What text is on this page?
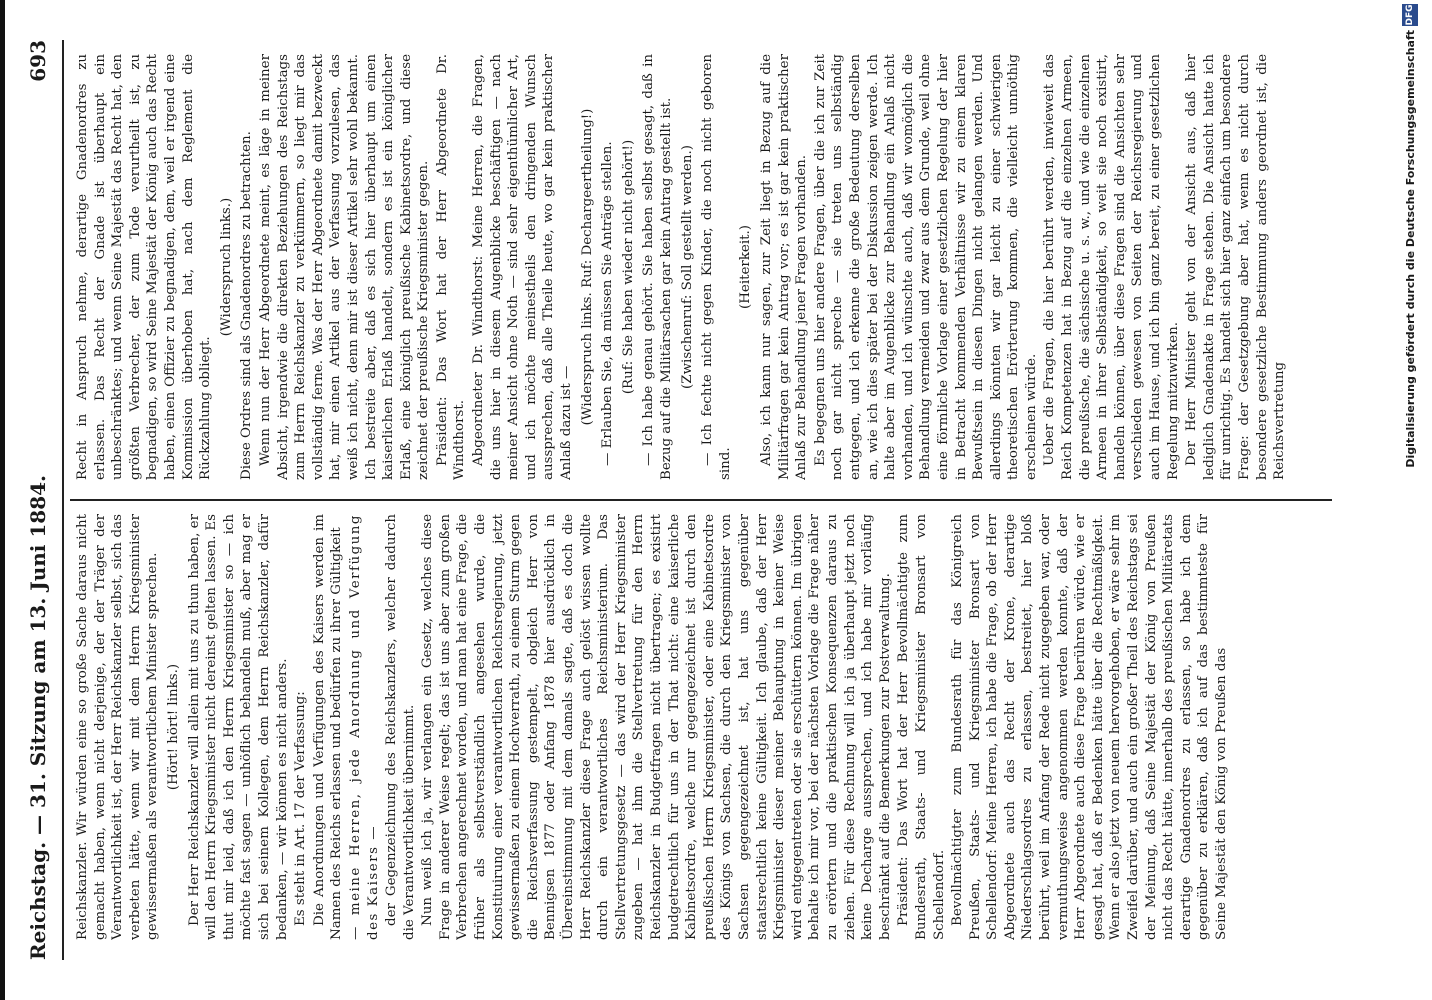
Reichstag. — 31. Sitzung am 13. Juni 1884.
693

Reichskanzler. Wir würden eine so große Sache daraus nicht gemacht haben, wenn nicht derjenige, der der Träger der Verantwortlichkeit ist, der Herr Reichskanzler selbst, sich das verbeten hätte, wenn wir mit dem Herrn Kriegsminister gewissermaßen als verantwortlichem Minister sprechen. (Hört! hört! links.) Der Herr Reichskanzler will allein mit uns zu thun haben, er will den Herrn Kriegsminister nicht dereinst gelten lassen. Es thut mir leid, daß ich den Herrn Kriegsminister so — ich möchte fast sagen — unhöflich behandeln muß, aber mag er sich bei seinem Kollegen, dem Herrn Reichskanzler, dafür bedanken, — wir können es nicht anders. Es steht in Art. 17 der Verfassung: Die Anordnungen und Verfügungen des Kaisers werden im Namen des Reichs erlassen und bedürfen zu ihrer Gültigkeit — meine Herren, jede Anordnung und Verfügung des Kaisers — der Gegenzeichnung des Reichskanzlers, welcher dadurch die Verantwortlichkeit übernimmt. Nun weiß ich ja, wir verlangen ein Gesetz, welches diese Frage in anderer Weise regelt; das ist uns aber zum großen Verbrechen angerechnet worden, und man hat eine Frage, die früher als selbstverständlich angesehen wurde, die Konstituirung einer verantwortlichen Reichsregierung, jetzt gewissermaßen zu einem Hochverrath, zu einem Sturm gegen die Reichsverfassung gestempelt, obgleich Herr von Bennigsen 1877 oder Anfang 1878 hier ausdrücklich in Übereinstimmung mit dem damals sagte, daß es doch die Herr Reichskanzler diese Frage auch gelöst wissen wollte durch ein verantwortliches Reichsministerium. Das Stellvertretungsgesetz — das wird der Herr Kriegsminister zugeben — hat ihm die Stellvertretung für den Herrn Reichskanzler in Budgetfragen nicht übertragen; es existirt budgetrechtlich für uns in der That nicht: eine kaiserliche Kabinetsordre, welche nur gegengezeichnet ist durch den preußischen Herrn Kriegsminister, oder eine Kabinetsordre des Königs von Sachsen, die durch den Kriegsminister von Sachsen gegengezeichnet ist, hat uns gegenüber staatsrechtlich keine Gültigkeit. Ich glaube, daß der Herr Kriegsminister dieser meiner Behauptung in keiner Weise wird entgegentreten oder sie erschüttern können. Im übrigen behalte ich mir vor, bei der nächsten Vorlage die Frage näher zu erörtern und die praktischen Konsequenzen daraus zu ziehen. Für diese Rechnung will ich ja überhaupt jetzt noch keine Decharge aussprechen, und ich habe mir vorläufig beschränkt auf die Bemerkungen zur Postverwaltung. Präsident: Das Wort hat der Herr Bevollmächtigte zum Bundesrath, Staats- und Kriegsminister Bronsart von Schellendorf. Bevollmächtigter zum Bundesrath für das Königreich Preußen, Staats- und Kriegsminister Bronsart von Schellendorf: Meine Herren, ich habe die Frage, ob der Herr Abgeordnete auch das Recht der Krone, derartige Niederschlagsordres zu erlassen, bestreitet, hier bloß berührt, weil im Anfang der Rede nicht zugegeben war, oder vermuthungsweise angenommen werden konnte, daß der Herr Abgeordnete auch diese Frage berühren würde, wie er gesagt hat, daß er Bedenken hätte über die Rechtmäßigkeit. Wenn er also jetzt von neuem hervorgehoben, er wäre sehr im Zweifel darüber, und auch ein großer Theil des Reichstags sei der Meinung, daß Seine Majestät der König von Preußen nicht das Recht hätte, innerhalb des preußischen Militäretats derartige Gnadenordres zu erlassen, so habe ich dem gegenüber zu erklären, daß ich auf das bestimmteste für Seine Majestät den König von Preußen das

Recht in Anspruch nehme, derartige Gnadenordres zu erlassen. Das Recht der Gnade ist überhaupt ein unbeschränktes; und wenn Seine Majestät das Recht hat, den größten Verbrecher, der zum Tode verurtheilt ist, zu begnadigen, so wird Seine Majestät der König auch das Recht haben, einen Offizier zu begnadigen, dem, weil er irgend eine Kommission überhoben hat, nach dem Reglement die Rückzahlung obliegt.

(Widerspruch links.) Diese Ordres sind als Gnadenordres zu betrachten. Wenn nun der Herr Abgeordnete meint, es läge in meiner Absicht, irgendwie die direkten Beziehungen des Reichstags zum Herrn Reichskanzler zu verkümmern, so liegt mir das vollständig ferne. Was der Herr Abgeordnete damit bezweckt hat, mir einen Artikel aus der Verfassung vorzulesen, das weiß ich nicht, denn mir ist dieser Artikel sehr wohl bekannt. Ich bestreite aber, daß es sich hier überhaupt um einen kaiserlichen Erlaß handelt, sondern es ist ein königlicher Erlaß, eine königlich preußische Kabinetsordre, und diese zeichnet der preußische Kriegsminister gegen. Präsident: Das Wort hat der Herr Abgeordnete Dr. Windthorst. Abgeordneter Dr. Windthorst: Meine Herren, die Fragen, die uns hier in diesem Augenblicke beschäftigen — nach meiner Ansicht ohne Noth — sind sehr eigenthümlicher Art, und ich möchte meinestheils den dringenden Wunsch aussprechen, daß alle Theile heute, wo gar kein praktischer Anlaß dazu ist — (Widerspruch links. Ruf: Dechargeertheilung!) — Erlauben Sie, da müssen Sie Anträge stellen. (Ruf: Sie haben wieder nicht gehört!) — Ich habe genau gehört. Sie haben selbst gesagt, daß in Bezug auf die Militärsachen gar kein Antrag gestellt ist. (Zwischenruf: Soll gestellt werden.) — Ich fechte nicht gegen Kinder, die noch nicht geboren sind.

(Heiterkeit.) Also, ich kann nur sagen, zur Zeit liegt in Bezug auf die Militärfragen gar kein Antrag vor; es ist gar kein praktischer Anlaß zur Behandlung jener Fragen vorhanden. Es begegnen uns hier andere Fragen, über die ich zur Zeit noch gar nicht spreche — sie treten uns selbständig entgegen, und ich erkenne die große Bedeutung derselben an, wie ich dies später bei der Diskussion zeigen werde. Ich halte aber im Augenblicke zur Behandlung ein Anlaß nicht vorhanden, und ich wünschte auch, daß wir womöglich die Behandlung vermeiden und zwar aus dem Grunde, weil ohne eine förmliche Vorlage einer gesetzlichen Regelung der hier in Betracht kommenden Verhältnisse wir zu einem klaren Bewußtsein in diesen Dingen nicht gelangen werden. Und allerdings könnten wir gar leicht zu einer schwierigen theoretischen Erörterung kommen, die vielleicht unnöthig erscheinen würde. Ueber die Fragen, die hier berührt werden, inwieweit das Reich Kompetenzen hat in Bezug auf die einzelnen Armeen, die preußische, die sächsische u. s. w., und wie die einzelnen Armeen in ihrer Selbständigkeit, so weit sie noch existirt, handeln können, über diese Fragen sind die Ansichten sehr verschieden gewesen von Seiten der Reichsregierung und auch im Hause, und ich bin ganz bereit, zu einer gesetzlichen Regelung mitzuwirken. Der Herr Minister geht von der Ansicht aus, daß hier lediglich Gnadenakte in Frage stehen. Die Ansicht hatte ich für unrichtig. Es handelt sich hier ganz einfach um besondere Frage: der Gesetzgebung aber hat, wenn es nicht durch besondere gesetzliche Bestimmung anders geordnet ist, die Reichsvertretung	Digitalisierung gefördert durch die Deutsche Forschungsgemeinschaft
DFG
